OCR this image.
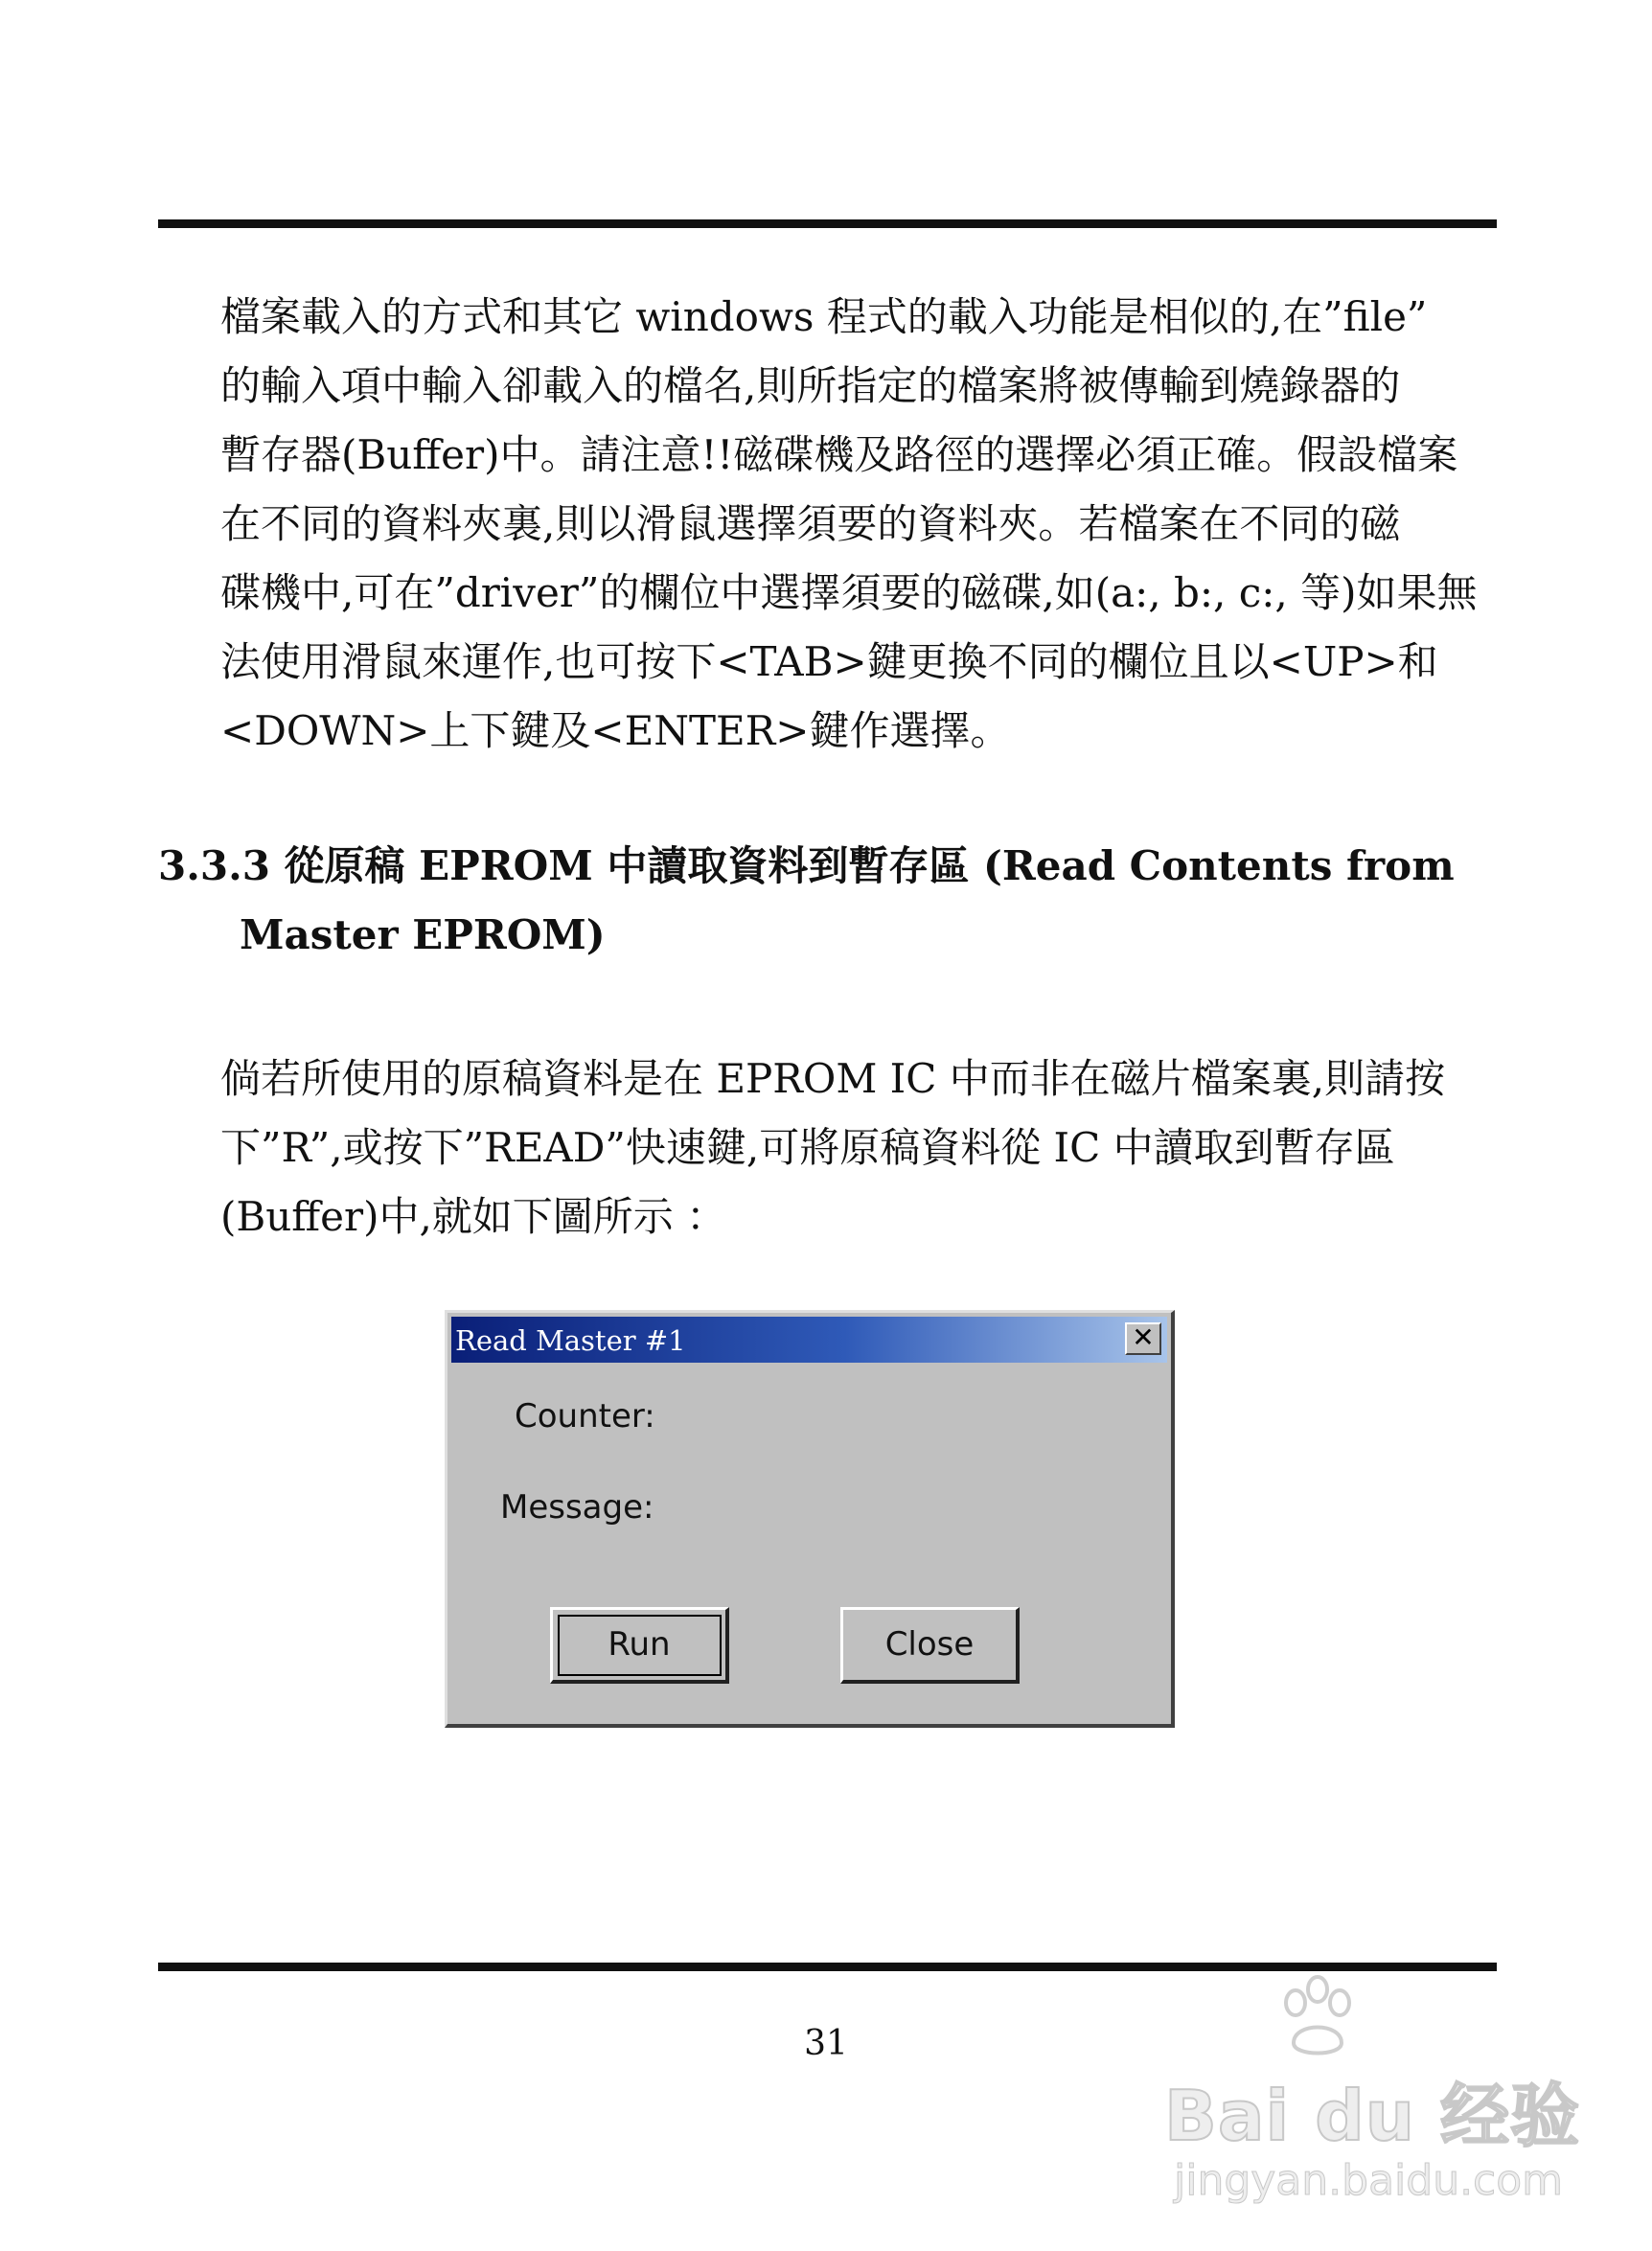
檔案載入的方式和其它 windows 程式的載入功能是相似的,在”file”
的輸入項中輸入卻載入的檔名,則所指定的檔案將被傳輸到燒錄器的
暫存器(Buffer)中。請注意!!磁碟機及路徑的選擇必須正確。假設檔案
在不同的資料夾裏,則以滑鼠選擇須要的資料夾。若檔案在不同的磁
碟機中,可在”driver”的欄位中選擇須要的磁碟,如(a:, b:, c:, 等)如果無
法使用滑鼠來運作,也可按下<TAB>鍵更換不同的欄位且以<UP>和
<DOWN>上下鍵及<ENTER>鍵作選擇。
3.3.3 從原稿 EPROM 中讀取資料到暫存區 (Read Contents from
Master EPROM)
倘若所使用的原稿資料是在 EPROM IC 中而非在磁片檔案裏,則請按
下”R”,或按下”READ”快速鍵,可將原稿資料從 IC 中讀取到暫存區
(Buffer)中,就如下圖所示 ：
Read Master #1	✕
Counter:
Message:
Run	Close
31
Bai du 经验
jingyan.baidu.com
